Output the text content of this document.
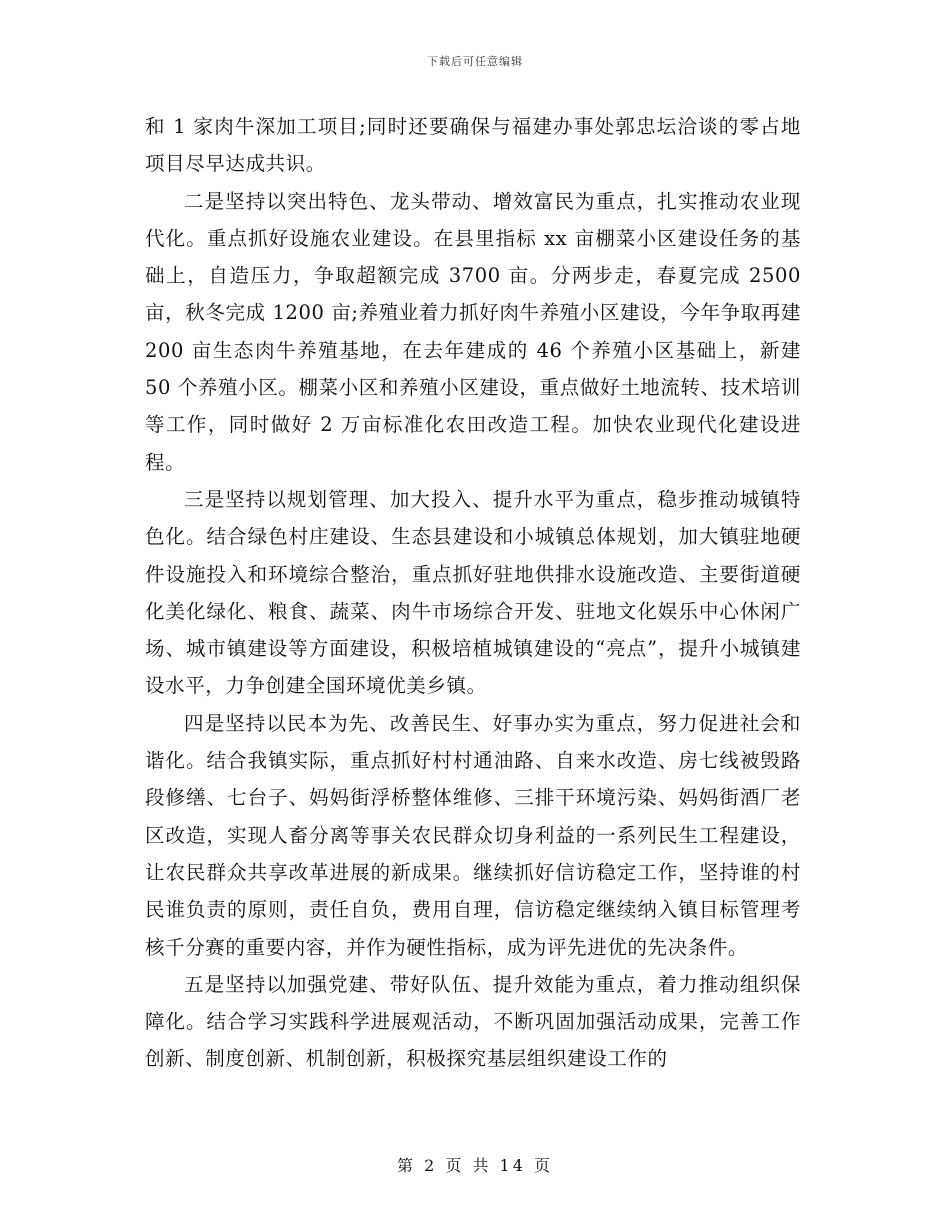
下载后可任意编辑

和 1 家肉牛深加工项目;同时还要确保与福建办事处郭忠坛洽谈的零占地项目尽早达成共识。

二是坚持以突出特色、龙头带动、增效富民为重点，扎实推动农业现代化。重点抓好设施农业建设。在县里指标 xx 亩棚菜小区建设任务的基础上，自造压力，争取超额完成 3700 亩。分两步走，春夏完成 2500 亩，秋冬完成 1200 亩;养殖业着力抓好肉牛养殖小区建设，今年争取再建 200 亩生态肉牛养殖基地，在去年建成的 46 个养殖小区基础上，新建 50 个养殖小区。棚菜小区和养殖小区建设，重点做好土地流转、技术培训等工作，同时做好 2 万亩标准化农田改造工程。加快农业现代化建设进程。

三是坚持以规划管理、加大投入、提升水平为重点，稳步推动城镇特色化。结合绿色村庄建设、生态县建设和小城镇总体规划，加大镇驻地硬件设施投入和环境综合整治，重点抓好驻地供排水设施改造、主要街道硬化美化绿化、粮食、蔬菜、肉牛市场综合开发、驻地文化娱乐中心休闲广场、城市镇建设等方面建设，积极培植城镇建设的“亮点”，提升小城镇建设水平，力争创建全国环境优美乡镇。

四是坚持以民本为先、改善民生、好事办实为重点，努力促进社会和谐化。结合我镇实际，重点抓好村村通油路、自来水改造、房七线被毁路段修缮、七台子、妈妈街浮桥整体维修、三排干环境污染、妈妈街酒厂老区改造，实现人畜分离等事关农民群众切身利益的一系列民生工程建设，让农民群众共享改革进展的新成果。继续抓好信访稳定工作，坚持谁的村民谁负责的原则，责任自负，费用自理，信访稳定继续纳入镇目标管理考核千分赛的重要内容，并作为硬性指标，成为评先进优的先决条件。

五是坚持以加强党建、带好队伍、提升效能为重点，着力推动组织保障化。结合学习实践科学进展观活动，不断巩固加强活动成果，完善工作创新、制度创新、机制创新，积极探究基层组织建设工作的

第 2 页 共 14 页
